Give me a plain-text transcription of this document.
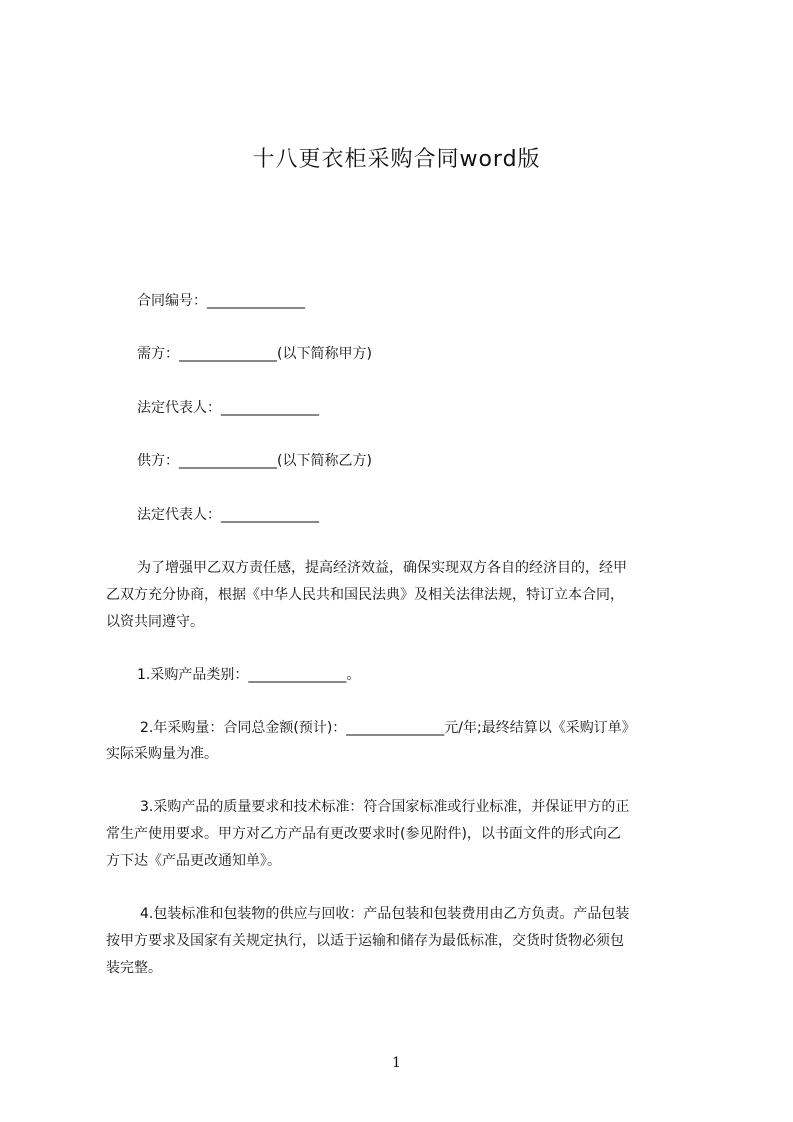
十八更衣柜采购合同word版
合同编号：______________
需方：______________(以下简称甲方)
法定代表人：______________
供方：______________(以下简称乙方)
法定代表人：______________
为了增强甲乙双方责任感，提高经济效益，确保实现双方各自的经济目的，经甲
乙双方充分协商，根据《中华人民共和国民法典》及相关法律法规，特订立本合同，
以资共同遵守。
1.采购产品类别：______________。
2.年采购量：合同总金额(预计)：______________元/年;最终结算以《采购订单》
实际采购量为准。
3.采购产品的质量要求和技术标准：符合国家标准或行业标准，并保证甲方的正
常生产使用要求。甲方对乙方产品有更改要求时(参见附件)，以书面文件的形式向乙
方下达《产品更改通知单》。
4.包装标准和包装物的供应与回收：产品包装和包装费用由乙方负责。产品包装
按甲方要求及国家有关规定执行，以适于运输和储存为最低标准，交货时货物必须包
装完整。
1
